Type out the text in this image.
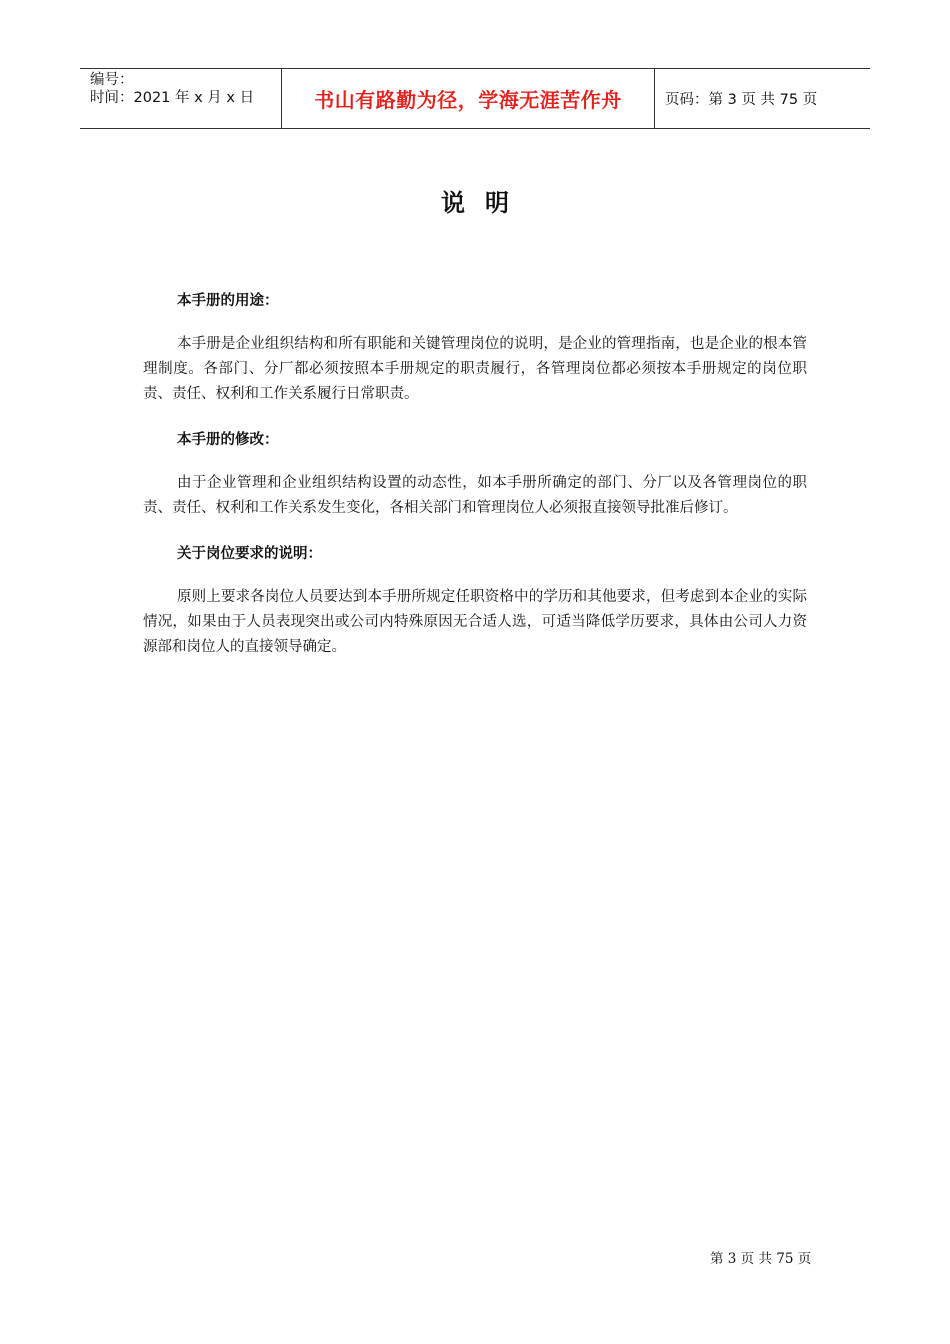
编号：
时间：2021 年 x 月 x 日	书山有路勤为径，学海无涯苦作舟	页码：第 3 页 共 75 页
说明
本手册的用途：

本手册是企业组织结构和所有职能和关键管理岗位的说明，是企业的管理指南，也是企业的根本管理制度。各部门、分厂都必须按照本手册规定的职责履行，各管理岗位都必须按本手册规定的岗位职责、责任、权利和工作关系履行日常职责。

本手册的修改：

由于企业管理和企业组织结构设置的动态性，如本手册所确定的部门、分厂以及各管理岗位的职责、责任、权利和工作关系发生变化，各相关部门和管理岗位人必须报直接领导批准后修订。

关于岗位要求的说明：

原则上要求各岗位人员要达到本手册所规定任职资格中的学历和其他要求，但考虑到本企业的实际情况，如果由于人员表现突出或公司内特殊原因无合适人选，可适当降低学历要求，具体由公司人力资源部和岗位人的直接领导确定。

第 3 页 共 75 页
